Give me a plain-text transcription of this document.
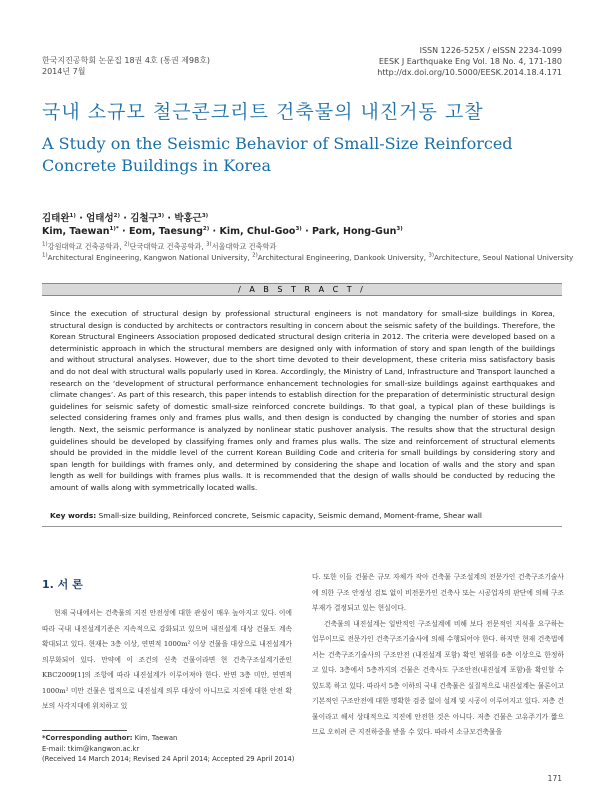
한국지진공학회 논문집 18권 4호 (통권 제98호)
2014년 7월
ISSN 1226-525X / eISSN 2234-1099
EESK J Earthquake Eng Vol. 18 No. 4, 171-180
http://dx.doi.org/10.5000/EESK.2014.18.4.171
국내 소규모 철근콘크리트 건축물의 내진거동 고찰
A Study on the Seismic Behavior of Small-Size Reinforced Concrete Buildings in Korea
김태완$^{1)}$ · 엄태성$^{2)}$ · 김철구$^{3)}$ · 박홍근$^{3)}$
Kim, Taewan$^{1)*}$ · Eom, Taesung$^{2)}$ · Kim, Chul-Goo$^{3)}$ · Park, Hong-Gun$^{3)}$
$^{1)}$강원대학교 건축공학과, $^{2)}$단국대학교 건축공학과, $^{3)}$서울대학교 건축학과
$^{1)}$Architectural Engineering, Kangwon National University, $^{2)}$Architectural Engineering, Dankook University, $^{3)}$Architecture, Seoul National University
/ A B S T R A C T /
Since the execution of structural design by professional structural engineers is not mandatory for small-size buildings in Korea, structural design is conducted by architects or contractors resulting in concern about the seismic safety of the buildings. Therefore, the Korean Structural Engineers Association proposed dedicated structural design criteria in 2012. The criteria were developed based on a deterministic approach in which the structural members are designed only with information of story and span length of the buildings and without structural analyses. However, due to the short time devoted to their development, these criteria miss satisfactory basis and do not deal with structural walls popularly used in Korea. Accordingly, the Ministry of Land, Infrastructure and Transport launched a research on the ‘development of structural performance enhancement technologies for small-size buildings against earthquakes and climate changes’. As part of this research, this paper intends to establish direction for the preparation of deterministic structural design guidelines for seismic safety of domestic small-size reinforced concrete buildings. To that goal, a typical plan of these buildings is selected considering frames only and frames plus walls, and then design is conducted by changing the number of stories and span length. Next, the seismic performance is analyzed by nonlinear static pushover analysis. The results show that the structural design guidelines should be developed by classifying frames only and frames plus walls. The size and reinforcement of structural elements should be provided in the middle level of the current Korean Building Code and criteria for small buildings by considering story and span length for buildings with frames only, and determined by considering the shape and location of walls and the story and span length as well for buildings with frames plus walls. It is recommended that the design of walls should be conducted by reducing the amount of walls along with symmetrically located walls.
Key words: Small-size building, Reinforced concrete, Seismic capacity, Seismic demand, Moment-frame, Shear wall
1. 서 론
현재 국내에서는 건축물의 지진 안전성에 대한 관심이 매우 높아지고 있다. 이에 따라 국내 내진설계기준은 지속적으로 강화되고 있으며 내진설계 대상 건물도 계속 확대되고 있다. 현재는 3층 이상, 연면적 1000m² 이상 건물을 대상으로 내진설계가 의무화되어 있다. 만약에 이 조건의 신축 건물이라면 현 건축구조설계기준인 KBC2009[1]의 조항에 따라 내진설계가 이루어져야 한다. 반면 3층 미만, 연면적 1000m² 미만 건물은 법적으로 내진설계 의무 대상이 아니므로 지진에 대한 안전 확보의 사각지대에 위치하고 있
다. 또한 이들 건물은 규모 자체가 작아 건축물 구조설계의 전문가인 건축구조기술사에 의한 구조 안정성 검토 없이 비전문가인 건축사 또는 시공업자의 판단에 의해 구조 부재가 결정되고 있는 현실이다.
건축물의 내진설계는 일반적인 구조설계에 비해 보다 전문적인 지식을 요구하는 업무이므로 전문가인 건축구조기술사에 의해 수행되어야 한다. 하지만 현재 건축법에서는 건축구조기술사의 구조안전 (내진설계 포함) 확인 범위를 6층 이상으로 한정하고 있다. 3층에서 5층까지의 건물은 건축사도 구조안전(내진설계 포함)을 확인할 수 있도록 하고 있다. 따라서 5층 이하의 국내 건축물은 실질적으로 내진설계는 물론이고 기본적인 구조안전에 대한 명확한 검증 없이 설계 및 시공이 이루어지고 있다. 저층 건물이라고 해서 상대적으로 지진에 안전한 것은 아니다. 저층 건물은 고유주기가 짧으므로 오히려 큰 지진하중을 받을 수 있다. 따라서 소규모건축물을
*Corresponding author: Kim, Taewan
E-mail: tkim@kangwon.ac.kr
(Received 14 March 2014; Revised 24 April 2014; Accepted 29 April 2014)
171
